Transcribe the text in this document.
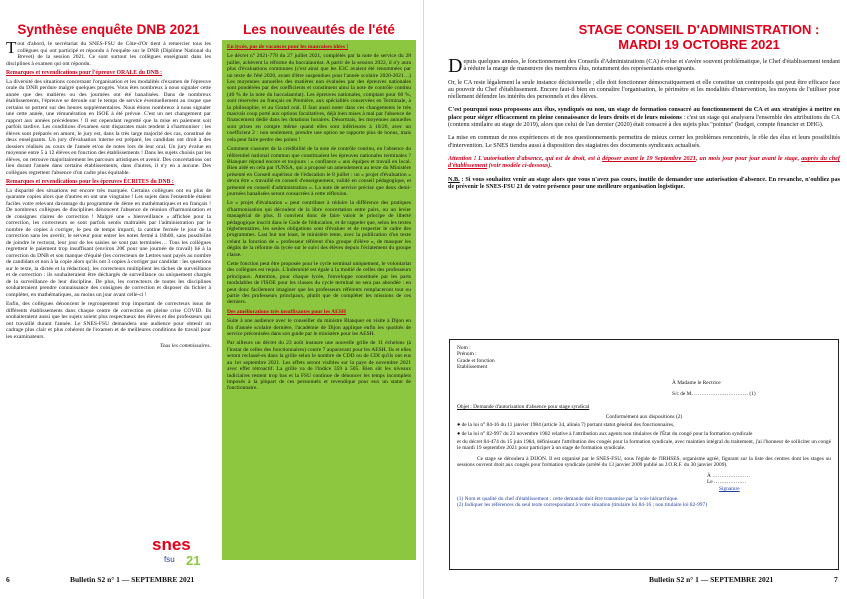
Synthèse enquête DNB 2021

Tout d'abord, le secrétariat du SNES-FSU de Côte-d'Or tient à remercier tous les collègues qui ont participé et répondu à l'enquête sur le DNB (Diplôme National du Brevet) de la session 2021. Ce sont surtout les collègues enseignant dans les disciplines à examen qui ont répondu.

Remarques et revendications pour l'épreuve ORALE du DNB :

La diversité des situations concernant l'organisation et les modalités d'examen de l'épreuve orale du DNB perdure malgré quelques progrès. Vous êtes nombreux à nous signaler cette année que des matières ou des journées ont été banalisées. Dans de nombreux établissements, l'épreuve se déroule sur le temps de service éventuellement au risque que certains se portent sur des heures supplémentaires. Nous étions nombreux à nous signaler une cette année, une rémunération en ISOE à été prévue. C'est un net changement par rapport aux années précédentes ! Il est cependant regretté que la mise en paiement soit parfois tardive. Les conditions d'examen sont disparates mais tendent à s'harmoniser : les élèves sont préparés en amont, le jury est, dans la très large majorité des cas, constitué de deux enseignants. Un jury d'évaluation interne est préparé, les candidats ont droit à des dossiers réalisés au cours de l'année et/ou de notes lors de leur oral. Un jury évalue en moyenne entre 5 à 12 élèves en fonction des établissements ! Dans les sujets choisis par les élèves, on retrouve majoritairement les parcours artistiques et avenir. Des concertations ont lieu durant l'année dans certains établissements, dans d'autres, il n'y en a aucune. Des collègues regrettent l'absence d'un cadre plus équitable.

Remarques et revendications pour les épreuves ÉCRITES du DNB :

La disparité des situations est encore très marquée. Certains collègues ont eu plus de quarante copies alors que d'autres en ont une vingtaine ! Les sujets dans l'ensemble étaient faciles votre relevant davantage du programme de 4ème en mathématiques et en français ! De nombreux collègues de disciplines dénoncent l'absence de réunion d'harmonisation et de consignes claires de correction ! Malgré une « bienveillance » affichée pour la correction, les correcteurs se sont parfois sentis maltraités par l'administration par le nombre de copies à corriger, le peu de temps imparti, la cantine fermée le jour de la correction sans les avertir, le serveur pour entrer les notes fermé à 18h00, sans possibilité de joindre le rectorat, leur jour de les saisies ne sont pas terminées… Tous les collègues regrettent le paiement trop insuffisant (environ 20€ pour une journée de travail) lié à la correction du DNB et son manque d'équité (les correcteurs de Lettres sont payés au nombre de candidats et non à la copie alors qu'ils ont 3 copies à corriger par candidat : les questions sur le texte, la dictée et la rédaction), les correcteurs multiplient les tâches de surveillance et de correction : ils souhaiteraient être déchargés de surveillance ou uniquement chargés de la surveillance de leur discipline. De plus, les correcteurs de toutes les disciplines souhaiteraient prendre connaissance des consignes de correction et disposer du fichier à compléter, en mathématiques, au moins un jour avant celle-ci !

Enfin, des collègues dénoncent le regroupement trop important de correcteurs issus de différents établissements dans chaque centre de correction en pleine crise COVID. Ils souhaiteraient aussi que les sujets soient plus respectueux des élèves et des professeurs qui ont travaillé durant l'année. Le SNES-FSU demandera une audience pour obtenir un cadrage plus clair et plus cohérent de l'examen et de meilleures conditions de travail pour les examinateurs.

Tous les commissaires.

snes
fsu 21
Les nouveautés de l'été

En lycée, pas de vacances pour les mauvaises idées !

Le décret n° 2021-778 du 27 juillet 2021, complétés par la note de service du 28 juillet, achèvent la réforme du baccalauréat. A partir de la session 2022, il n'y aura plus d'évaluations communes (c'est ainsi que les E3C avaient été renommées par un texte de l'été 2020, avant d'être suspendues pour l'année scolaire 2020-2021…) Les moyennes annuelles des matières non évaluées par des épreuves nationales sont pondérées par des coefficients et constituent ainsi la note de contrôle continu (40 % de la note du baccalauréat). Les épreuves nationales, comptant pour 60 %, sont réservées au français en Première, aux spécialités conservées en Terminale, à la philosophie, et au Grand oral. Il faut aussi noter dans ces changements le très mauvais coup porté aux options facultatives, déjà bien mises à mal par l'absence de financement dédié dans les dotations horaires. Désormais, les moyennes annuelles sont prises en compte même quand elles sont inférieures à 10/20, avec un coefficient 2 : non seulement, prendre une option ne rapporte plus de bonus, mais cela peut faire perdre des points !

Comment s'assurer de la crédibilité de la note de contrôle continu, en l'absence du référentiel national commun que constituaient les épreuves nationales terminales ? Blanquer répond encore et toujours : « confiance » aux équipes et travail en local. Bien aidé en cela par l'UNSA, qui a proposé un amendement au texte du Ministère présenté en Conseil supérieur de l'éducation le 8 juillet : un « projet d'évaluation » devra être « travaillé en conseil d'enseignement, validé en conseil pédagogique, et présenté en conseil d'administration ». La note de service précise que deux demi-journées banalisées seront consacrées à cette réflexion.

Le « projet d'évaluation » peut contribuer à réduire la différence des pratiques d'harmonisation qui découlent de la libre concertation entre pairs, ou un levier managérial de plus. Il convient donc de faire valoir le principe de liberté pédagogique inscrit dans le Code de l'éducation, et de rappeler que, selon les textes réglementaires, les seules obligations sont d'évaluer et de respecter le cadre des programmes. Last but not least, le ministère tente, avec la publication d'un texte créant la fonction de « professeur référent d'un groupe d'élève », de masquer les dégâts de la réforme du lycée sur le suivi des élèves depuis l'éclatement du groupe classe.

Cette fonction peut être proposée pour le cycle terminal uniquement, le volontariat des collègues est requis. L'indemnité est égale à la moitié de celles des professeurs principaux. Attention, pour chaque lycée, l'enveloppe constituée par les parts modulables de l'ISOE pour les classes du cycle terminal ne sera pas abondée : en peut donc facilement imaginer que les professeurs référents remplaceront tout ou partie des professeurs principaux, plutôt que de compléter les missions de ces derniers.

Des améliorations très insuffisantes pour les AESH

Suite à une audience avec le conseiller du ministre Blanquer en visite à Dijon en fin d'année scolaire dernière, l'académie de Dijon applique enfin les quotités de service préconisées dans son guide par le ministère pour les AESH.

Par ailleurs un décret du 23 août instaure une nouvelle grille de 11 échelons (à l'instar de celles des fonctionnaires) contre 7 auparavant pour les AESH. Ils et elles seront reclassé-es dans la grille selon le nombre de CDD ou de CDI qu'ils ont eus au 1er septembre 2021. Les effets seront visibles sur la paye de novembre 2021 avec effet rétroactif. La grille va de l'indice 359 à 505. Bien sûr les niveaux indiciaires restent trop bas et la FSU continue de dénoncer les temps incomplets imposés à la plupart de ces personnels et revendique pour eux un statut de fonctionnaire.

6	Bulletin S2 n° 1 — SEPTEMBRE 2021
STAGE CONSEIL D'ADMINISTRATION :
MARDI 19 OCTOBRE 2021

Depuis quelques années, le fonctionnement des Conseils d'Administrations (CA) évolue et s'avère souvent problématique, le Chef d'établissement tendant à réduire la marge de manœuvre des membres élus, notamment des représentants enseignants.

Or, le CA reste légalement la seule instance décisionnelle ; elle doit fonctionner démocratiquement et elle constitue un contrepoids qui peut être efficace face au pouvoir du Chef d'établissement. Encore faut-il bien en connaître l'organisation, le périmètre et les modalités d'intervention, les moyens de l'utiliser pour réellement défendre les intérêts des personnels et des élèves.

C'est pourquoi nous proposons aux élus, syndiqués ou non, un stage de formation consacré au fonctionnement du CA et aux stratégies à mettre en place pour siéger efficacement en pleine connaissance de leurs droits et de leurs missions : c'est un stage qui analysera l'ensemble des attributions du CA (contenu similaire au stage de 2019), alors que celui de l'an dernier (2020) était consacré à des sujets plus "pointus" (budget, compte financier et DHG).

La mise en commun de nos expériences et de nos questionnements permettra de mieux cerner les problèmes rencontrés, le rôle des élus et leurs possibilités d'intervention. Le SNES tiendra aussi à disposition des stagiaires des documents syndicaux actualisés.

Attention ! L'autorisation d'absence, qui est de droit, est à déposer avant le 19 Septembre 2021, un mois jour pour jour avant le stage, auprès du chef d'établissement (voir modèle ci-dessous).

N.B. : Si vous souhaitez venir au stage alors que vous n'avez pas cours, inutile de demander une autorisation d'absence. En revanche, n'oubliez pas de prévenir le SNES-FSU 21 de votre présence pour une meilleure organisation logistique.

Nom :
Prénom :
Grade et fonction
Etablissement
À Madame le Rectrice
S/c de M. ………………………… (1)

Objet : Demande d'autorisation d'absence pour stage syndical

Conformément aux dispositions (2)

● de la loi n° 84-16 du 11 janvier 1984 (article 34, alinéa 7) portant statut général des fonctionnaires,

● de la loi n° 82-997 du 23 novembre 1982 relative à l'attribution aux agents non titulaires de l'État du congé pour la formation syndicale

et du décret 84-474 du 15 juin 1984, définissant l'attribution des congés pour la formation syndicale, avec maintien intégral du traitement, j'ai l'honneur de solliciter un congé le mardi 19 septembre 2021 pour participer à un stage de formation syndicale.

Ce stage se déroulera à DIJON. Il est organisé par le SNES-FSU, sous l'égide de l'IRHSES, organisme agréé, figurant sur la liste des centres dont les stages ou sessions ouvrent droit aux congés pour formation syndicale (arrêté du 13 janvier 2009 publié au J.O.R.F. du 30 janvier 2009).

À …………………
Le ………………
Signature
(1) Nom et qualité du chef d'établissement : cette demande doit être transmise par la voie hiérarchique.
(2) Indiquer les références du seul texte correspondant à votre situation (titulaire loi 84-16 ; non titulaire loi 82-997)
Bulletin S2 n° 1 — SEPTEMBRE 2021	7
